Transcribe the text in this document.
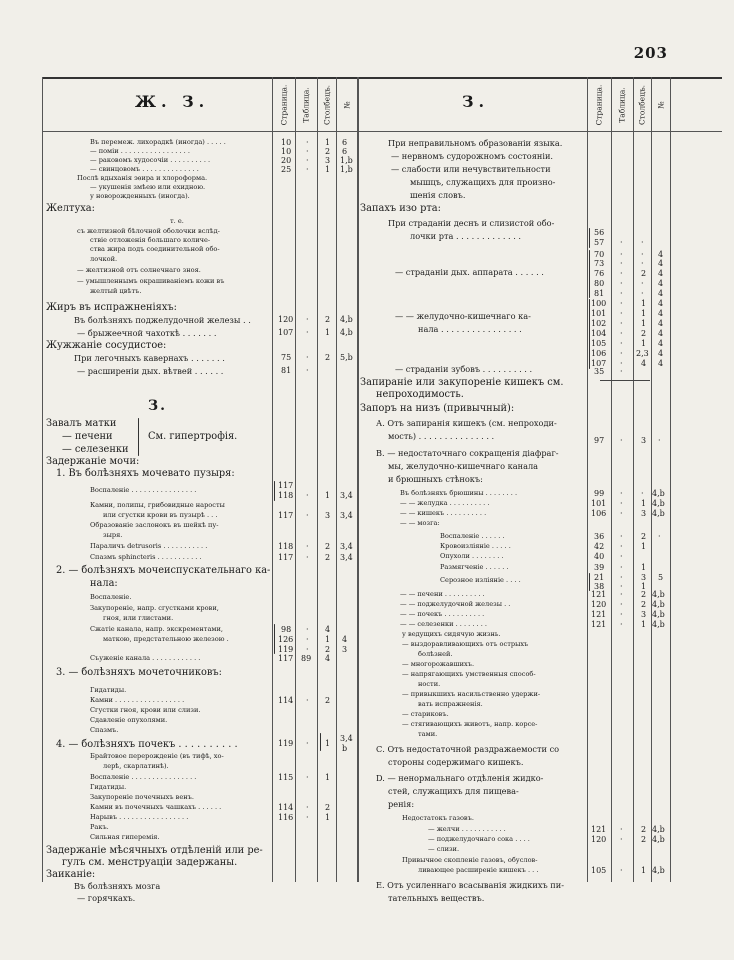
203
Ж. З.	З.
Страница. Таблица. Столбецъ. №	Страница. Таблица. Столбецъ. №
З.
Въ перемеж. лихорадкѣ (иногда) . . . . .
— поміи . . . . . . . . . . . . . . . . .
— раковомъ худосочіи . . . . . . . . . .
— свинцовомъ . . . . . . . . . . . . . .
Послѣ вдыханія эѳира и хлороформа.
— укушенія змѣею или ехидною.
у новорожденныхъ (иногда).
Желтуха:
т. е.
съ желтизной бѣлочной оболочки вслѣд-
ствіе отложенія большаго количе-
ства жира подъ соединительной обо-
лочкой.
— желтизной отъ солнечнаго зноя.
— умышленнымъ окрашиваніемъ кожи въ
желтый цвѣтъ.
Жиръ въ испражненіяхъ:
Въ болѣзняхъ поджелудочной железы . .
— брыжеечной чахоткѣ . . . . . . .
Жужжаніе сосудистое:
При легочныхъ кавернахъ . . . . . . .
— расширеніи дых. вѣтвей . . . . . .
Завалъ матки
— печени
— селезенки
См. гипертрофія.
Задержаніе мочи:
1. Въ болѣзняхъ мочевато пузыря:
Воспаленіе . . . . . . . . . . . . . . . .
Камни, полипы, грибовидные наросты
или сгустки крови въ пузырѣ . . .
Образованіе заслонокъ въ шейкѣ пу-
зыря.
Параличъ detrusoris . . . . . . . . . . .
Спазмъ sphincteris . . . . . . . . . . .
2. — болѣзняхъ мочеиспускательнаго ка-
нала:
Воспаленіе.
Закупореніе, напр. сгустками крови,
гноя, или глистами.
Сжатіе канала, напр. экскрементами,
маткою, предстательною железою .
Съуженіе канала . . . . . . . . . . . .
3. — болѣзняхъ мочеточниковъ:
Гидатиды.
Камни . . . . . . . . . . . . . . . . .
Сгустки гноя, крови или слизи.
Сдавленіе опухолями.
Спазмъ.
4. — болѣзняхъ почекъ . . . . . . . . . .
Брайтовое перерожденіе (въ тифѣ, хо-
лерѣ, скарлатинѣ).
Воспаленіе . . . . . . . . . . . . . . . .
Гидатиды.
Закупореніе почечныхъ венъ.
Камни въ почечныхъ чашкахъ . . . . . .
Нарывъ . . . . . . . . . . . . . . . . .
Ракъ.
Сильная гиперемія.
Задержаніе мѣсячныхъ отдѣленій или ре-
гулъ см. менструаціи задержаны.
Заиканіе:
Въ болѣзняхъ мозга
— горячкахъ.
10 · 1 6
10 · 2 6
20 · 3 1,b
25 · 1 1,b
120 · 2 4,b
107 · 1 4,b
75 · 2 5,b
81 ·
117
118 · 1 3,4
117 · 3 3,4
118 · 2 3,4
117 · 2 3,4
98 · 4
126 · 1 4
119 · 2 3
117 89 4
114 · 2
119 · 1
3,4
b
115 · 1
114 · 2
116 · 1
При неправильномъ образованіи языка.
— нервномъ судорожномъ состояніи.
— слабости или нечувствительности
мышцъ, служащихъ для произно-
шенія словъ.
Запахъ изо рта:
При страданіи деснъ и слизистой обо-
лочки рта . . . . . . . . . . . . .
— страданіи дых. аппарата . . . . . .
— — желудочно-кишечнаго ка-
нала . . . . . . . . . . . . . . . .
— страданіи зубовъ . . . . . . . . . .
Запираніе или закупореніе кишекъ см.
непроходимость.
Запоръ на низъ (привычный):
А. Отъ запиранія кишекъ (см. непроходи-
мость) . . . . . . . . . . . . . . .
В. — недостаточнаго сокращенія діафраг-
мы, желудочно-кишечнаго канала
и брюшныхъ стѣнокъ:
Въ болѣзняхъ брюшины . . . . . . . .
— — желудка . . . . . . . . . .
— — кишекъ . . . . . . . . . .
— — мозга:
Воспаленіе . . . . . .
Кровоизліяніе . . . . .
Опухоли . . . . . . . .
Размягченіе . . . . . .
Серозное изліяніе . . . .
— — печени . . . . . . . . . .
— — поджелудочной железы . .
— — почекъ . . . . . . . . . .
— — селезенки . . . . . . . .
у ведущихъ сидячую жизнь.
— выздоравливающихъ отъ острыхъ
болѣзней.
— многорожавшихъ.
— напрягающихъ умственныя способ-
ности.
— привыкшихъ насильственно удержи-
вать испражненія.
— стариковъ.
— стягивающихъ животъ, напр. корсе-
тами.
С. Отъ недостаточной раздражаемости со
стороны содержимаго кишекъ.
D. — ненормальнаго отдѣленія жидко-
стей, служащихъ для пищева-
ренія:
Недостатокъ газовъ.
— желчи . . . . . . . . . . .
— поджелудочнаго сока . . . .
— слизи.
Привычное скопленіе газовъ, обуслов-
ливающее расширеніе кишекъ . . .
E. Отъ усиленнаго всасыванія жидкихъ пи-
тательныхъ веществъ.
56
57 · ·
70 · · 4
73 · · 4
76 · 2 4
80 · · 4
81 · · 4
100 · 1 4
101 · 1 4
102 · 1 4
104 · 2 4
105 · 1 4
106 · 2,3 4
107 · 4 4
35 ·
97 · 3 ·
99 · · 4,b
101 · 1 4,b
106 · 3 4,b
36 · 2 ·
42 · 1
40 ·
39 · 1
21 · 3 5
38 · 1
121 · 2 4,b
120 · 2 4,b
121 · 3 4,b
121 · 1 4,b
121 · 2 4,b
120 · 2 4,b
105 · 1 4,b
